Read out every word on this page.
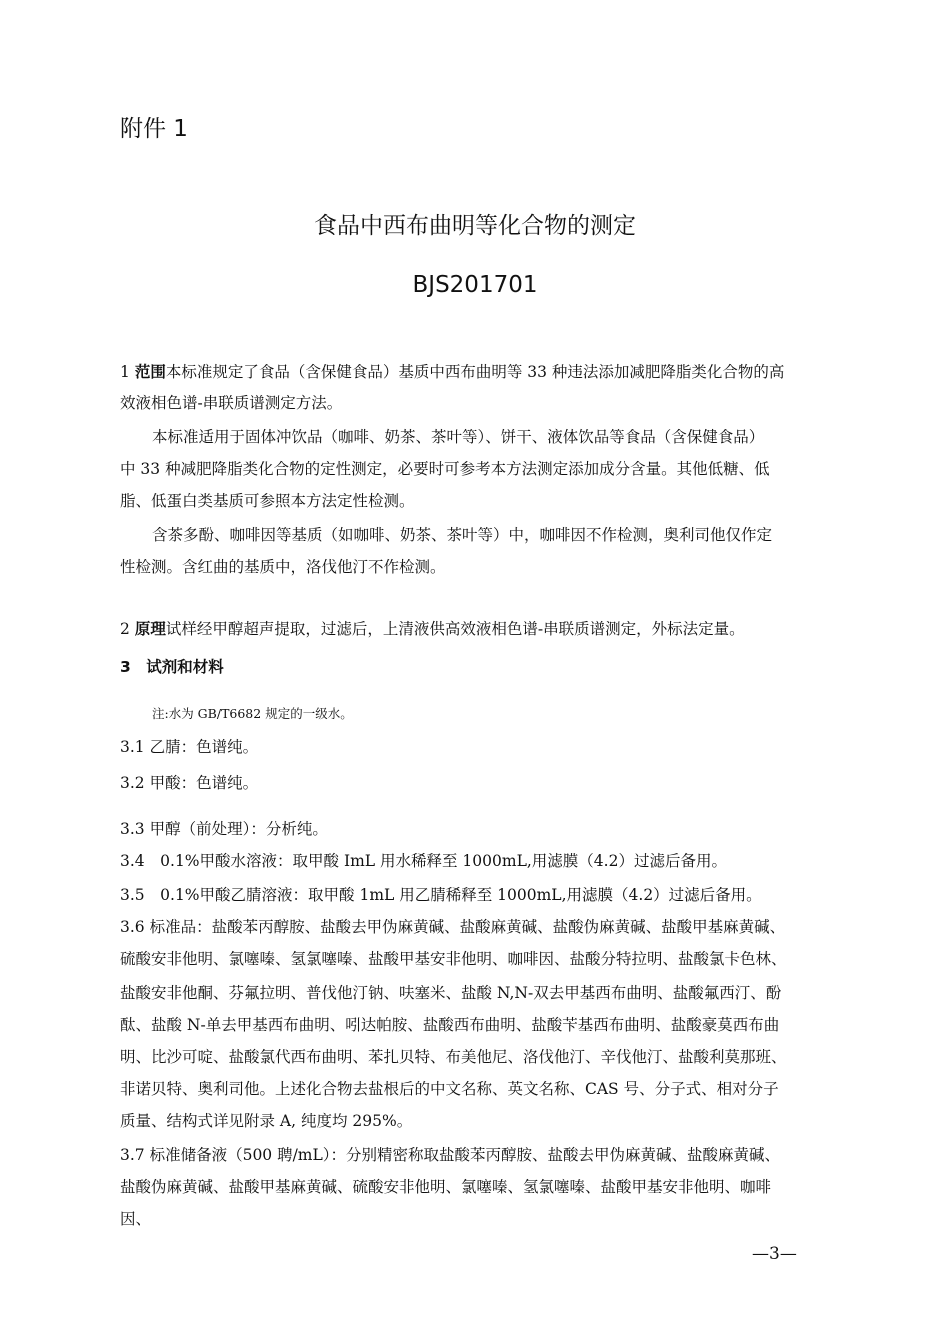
附件 1
食品中西布曲明等化合物的测定
BJS201701
1 范围本标准规定了食品（含保健食品）基质中西布曲明等 33 种违法添加减肥降脂类化合物的高
效液相色谱-串联质谱测定方法。
本标准适用于固体冲饮品（咖啡、奶茶、茶叶等）、饼干、液体饮品等食品（含保健食品）
中 33 种减肥降脂类化合物的定性测定，必要时可参考本方法测定添加成分含量。其他低糖、低
脂、低蛋白类基质可参照本方法定性检测。
含茶多酚、咖啡因等基质（如咖啡、奶茶、茶叶等）中，咖啡因不作检测，奥利司他仅作定
性检测。含红曲的基质中，洛伐他汀不作检测。
2 原理试样经甲醇超声提取，过滤后，上清液供高效液相色谱-串联质谱测定，外标法定量。
3　试剂和材料
注:水为 GB/T6682 规定的一级水。
3.1 乙腈：色谱纯。
3.2 甲酸：色谱纯。
3.3 甲醇（前处理）：分析纯。
3.4　0.1%甲酸水溶液：取甲酸 ImL 用水稀释至 1000mL,用滤膜（4.2）过滤后备用。
3.5　0.1%甲酸乙腈溶液：取甲酸 1mL 用乙腈稀释至 1000mL,用滤膜（4.2）过滤后备用。
3.6 标准品：盐酸苯丙醇胺、盐酸去甲伪麻黄碱、盐酸麻黄碱、盐酸伪麻黄碱、盐酸甲基麻黄碱、
硫酸安非他明、氯噻嗪、氢氯噻嗪、盐酸甲基安非他明、咖啡因、盐酸分特拉明、盐酸氯卡色林、
盐酸安非他酮、芬氟拉明、普伐他汀钠、呋塞米、盐酸 N,N-双去甲基西布曲明、盐酸氟西汀、酚
酞、盐酸 N-单去甲基西布曲明、吲达帕胺、盐酸西布曲明、盐酸苄基西布曲明、盐酸豪莫西布曲
明、比沙可啶、盐酸氯代西布曲明、苯扎贝特、布美他尼、洛伐他汀、辛伐他汀、盐酸利莫那班、
非诺贝特、奥利司他。上述化合物去盐根后的中文名称、英文名称、CAS 号、分子式、相对分子
质量、结构式详见附录 A, 纯度均 295%。
3.7 标准储备液（500 聘/mL）：分别精密称取盐酸苯丙醇胺、盐酸去甲伪麻黄碱、盐酸麻黄碱、
盐酸伪麻黄碱、盐酸甲基麻黄碱、硫酸安非他明、氯噻嗪、氢氯噻嗪、盐酸甲基安非他明、咖啡
因、
—3—
